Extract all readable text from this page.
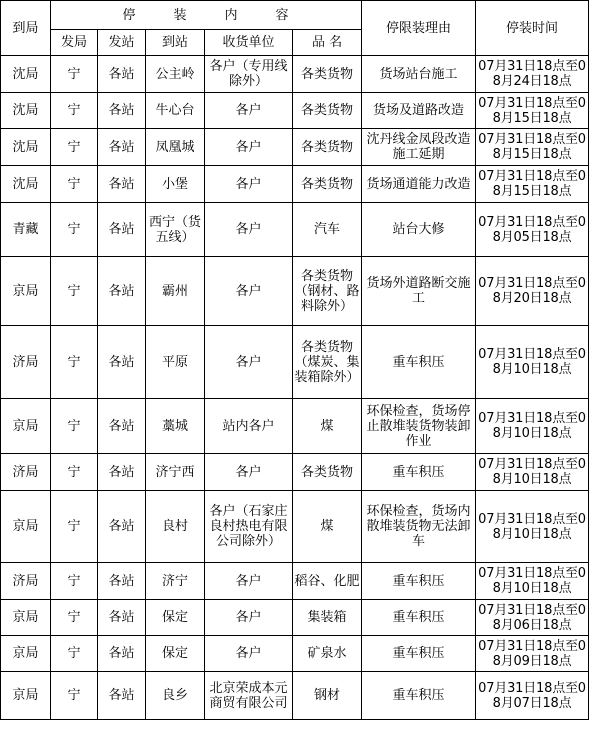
到局	停装内容					停限装理由	停装时间
	发局	发站	到站	收货单位	品 名		
沈局	宁	各站	公主岭	各户（专用线除外）	各类货物	货场站台施工	07月31日18点至08月24日18点
沈局	宁	各站	牛心台	各户	各类货物	货场及道路改造	07月31日18点至08月15日18点
沈局	宁	各站	凤凰城	各户	各类货物	沈丹线金凤段改造施工延期	07月31日18点至08月15日18点
沈局	宁	各站	小堡	各户	各类货物	货场通道能力改造	07月31日18点至08月15日18点
青藏	宁	各站	西宁（货五线）	各户	汽车	站台大修	07月31日18点至08月05日18点
京局	宁	各站	霸州	各户	各类货物（钢材、路料除外）	货场外道路断交施工	07月31日18点至08月20日18点
济局	宁	各站	平原	各户	各类货物（煤炭、集装箱除外）	重车积压	07月31日18点至08月10日18点
京局	宁	各站	藁城	站内各户	煤	环保检查，货场停止散堆装货物装卸作业	07月31日18点至08月10日18点
济局	宁	各站	济宁西	各户	各类货物	重车积压	07月31日18点至08月10日18点
京局	宁	各站	良村	各户（石家庄良村热电有限公司除外）	煤	环保检查，货场内散堆装货物无法卸车	07月31日18点至08月10日18点
济局	宁	各站	济宁	各户	稻谷、化肥	重车积压	07月31日18点至08月10日18点
京局	宁	各站	保定	各户	集装箱	重车积压	07月31日18点至08月06日18点
京局	宁	各站	保定	各户	矿泉水	重车积压	07月31日18点至08月09日18点
京局	宁	各站	良乡	北京荣成本元商贸有限公司	钢材	重车积压	07月31日18点至08月07日18点
